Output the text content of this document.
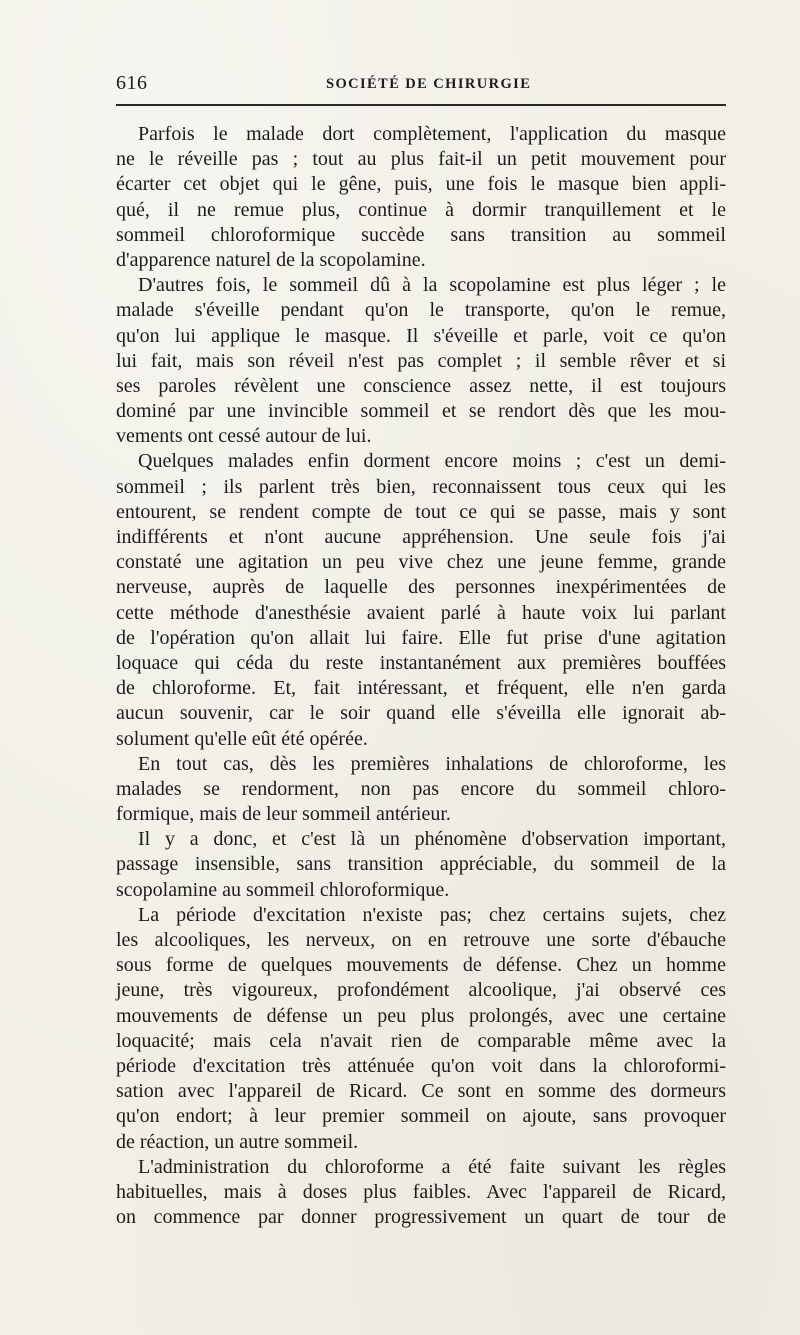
616	SOCIÉTÉ DE CHIRURGIE
Parfois le malade dort complètement, l'application du masque
ne le réveille pas ; tout au plus fait-il un petit mouvement pour
écarter cet objet qui le gêne, puis, une fois le masque bien appli-
qué, il ne remue plus, continue à dormir tranquillement et le
sommeil chloroformique succède sans transition au sommeil
d'apparence naturel de la scopolamine.
D'autres fois, le sommeil dû à la scopolamine est plus léger ; le
malade s'éveille pendant qu'on le transporte, qu'on le remue,
qu'on lui applique le masque. Il s'éveille et parle, voit ce qu'on
lui fait, mais son réveil n'est pas complet ; il semble rêver et si
ses paroles révèlent une conscience assez nette, il est toujours
dominé par une invincible sommeil et se rendort dès que les mou-
vements ont cessé autour de lui.
Quelques malades enfin dorment encore moins ; c'est un demi-
sommeil ; ils parlent très bien, reconnaissent tous ceux qui les
entourent, se rendent compte de tout ce qui se passe, mais y sont
indifférents et n'ont aucune appréhension. Une seule fois j'ai
constaté une agitation un peu vive chez une jeune femme, grande
nerveuse, auprès de laquelle des personnes inexpérimentées de
cette méthode d'anesthésie avaient parlé à haute voix lui parlant
de l'opération qu'on allait lui faire. Elle fut prise d'une agitation
loquace qui céda du reste instantanément aux premières bouffées
de chloroforme. Et, fait intéressant, et fréquent, elle n'en garda
aucun souvenir, car le soir quand elle s'éveilla elle ignorait ab-
solument qu'elle eût été opérée.
En tout cas, dès les premières inhalations de chloroforme, les
malades se rendorment, non pas encore du sommeil chloro-
formique, mais de leur sommeil antérieur.
Il y a donc, et c'est là un phénomène d'observation important,
passage insensible, sans transition appréciable, du sommeil de la
scopolamine au sommeil chloroformique.
La période d'excitation n'existe pas; chez certains sujets, chez
les alcooliques, les nerveux, on en retrouve une sorte d'ébauche
sous forme de quelques mouvements de défense. Chez un homme
jeune, très vigoureux, profondément alcoolique, j'ai observé ces
mouvements de défense un peu plus prolongés, avec une certaine
loquacité; mais cela n'avait rien de comparable même avec la
période d'excitation très atténuée qu'on voit dans la chloroformi-
sation avec l'appareil de Ricard. Ce sont en somme des dormeurs
qu'on endort; à leur premier sommeil on ajoute, sans provoquer
de réaction, un autre sommeil.
L'administration du chloroforme a été faite suivant les règles
habituelles, mais à doses plus faibles. Avec l'appareil de Ricard,
on commence par donner progressivement un quart de tour de
